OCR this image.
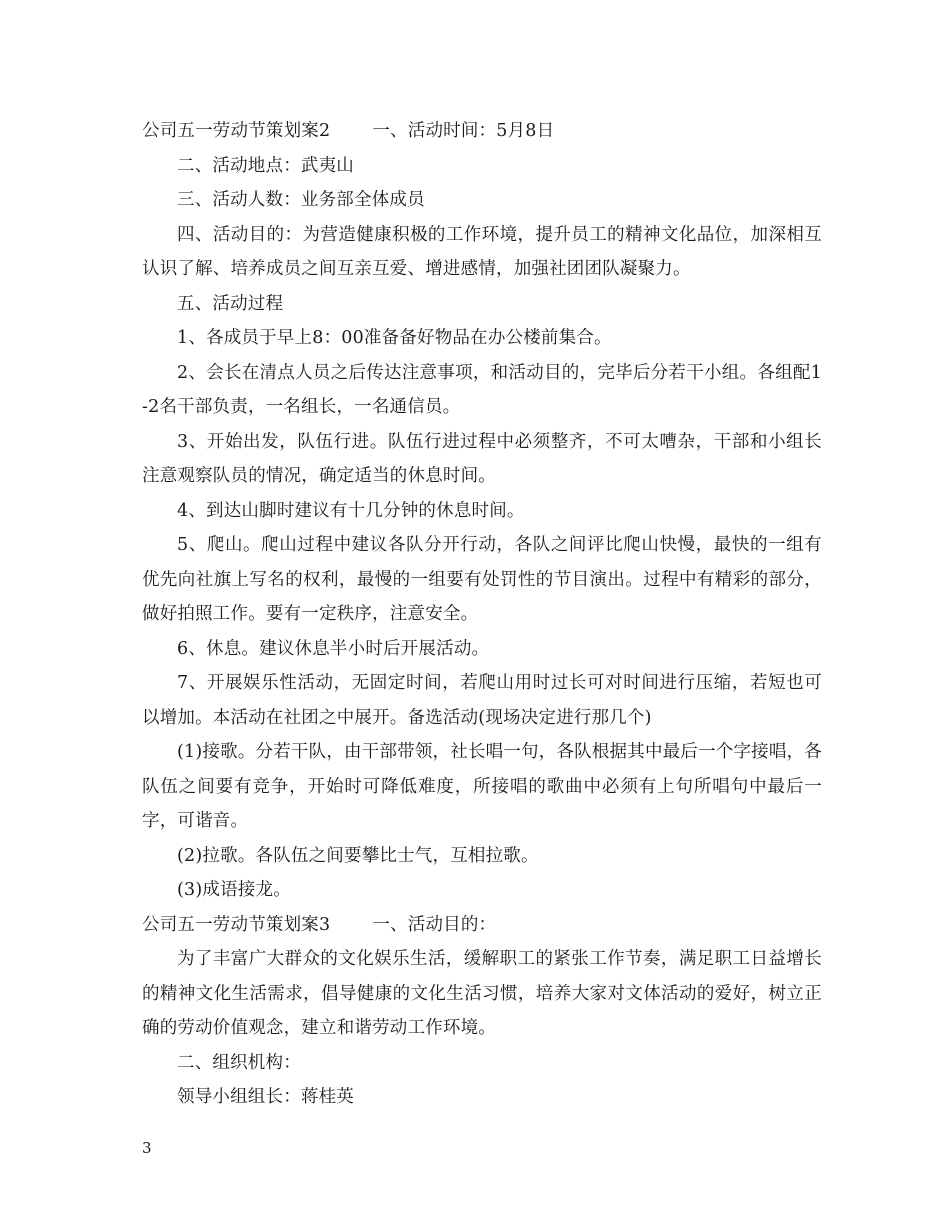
公司五一劳动节策划案2 一、活动时间：5月8日

二、活动地点：武夷山

三、活动人数：业务部全体成员

四、活动目的：为营造健康积极的工作环境，提升员工的精神文化品位，加深相互认识了解、培养成员之间互亲互爱、增进感情，加强社团团队凝聚力。

五、活动过程

1、各成员于早上8：00准备备好物品在办公楼前集合。

2、会长在清点人员之后传达注意事项，和活动目的，完毕后分若干小组。各组配1-2名干部负责，一名组长，一名通信员。

3、开始出发，队伍行进。队伍行进过程中必须整齐，不可太嘈杂，干部和小组长注意观察队员的情况，确定适当的休息时间。

4、到达山脚时建议有十几分钟的休息时间。

5、爬山。爬山过程中建议各队分开行动，各队之间评比爬山快慢，最快的一组有优先向社旗上写名的权利，最慢的一组要有处罚性的节目演出。过程中有精彩的部分，做好拍照工作。要有一定秩序，注意安全。

6、休息。建议休息半小时后开展活动。

7、开展娱乐性活动，无固定时间，若爬山用时过长可对时间进行压缩，若短也可以增加。本活动在社团之中展开。备选活动(现场决定进行那几个)

(1)接歌。分若干队，由干部带领，社长唱一句，各队根据其中最后一个字接唱，各队伍之间要有竞争，开始时可降低难度，所接唱的歌曲中必须有上句所唱句中最后一字，可谐音。

(2)拉歌。各队伍之间要攀比士气，互相拉歌。

(3)成语接龙。

公司五一劳动节策划案3 一、活动目的：

为了丰富广大群众的文化娱乐生活，缓解职工的紧张工作节奏，满足职工日益增长的精神文化生活需求，倡导健康的文化生活习惯，培养大家对文体活动的爱好，树立正确的劳动价值观念，建立和谐劳动工作环境。

二、组织机构：

领导小组组长：蒋桂英

3
